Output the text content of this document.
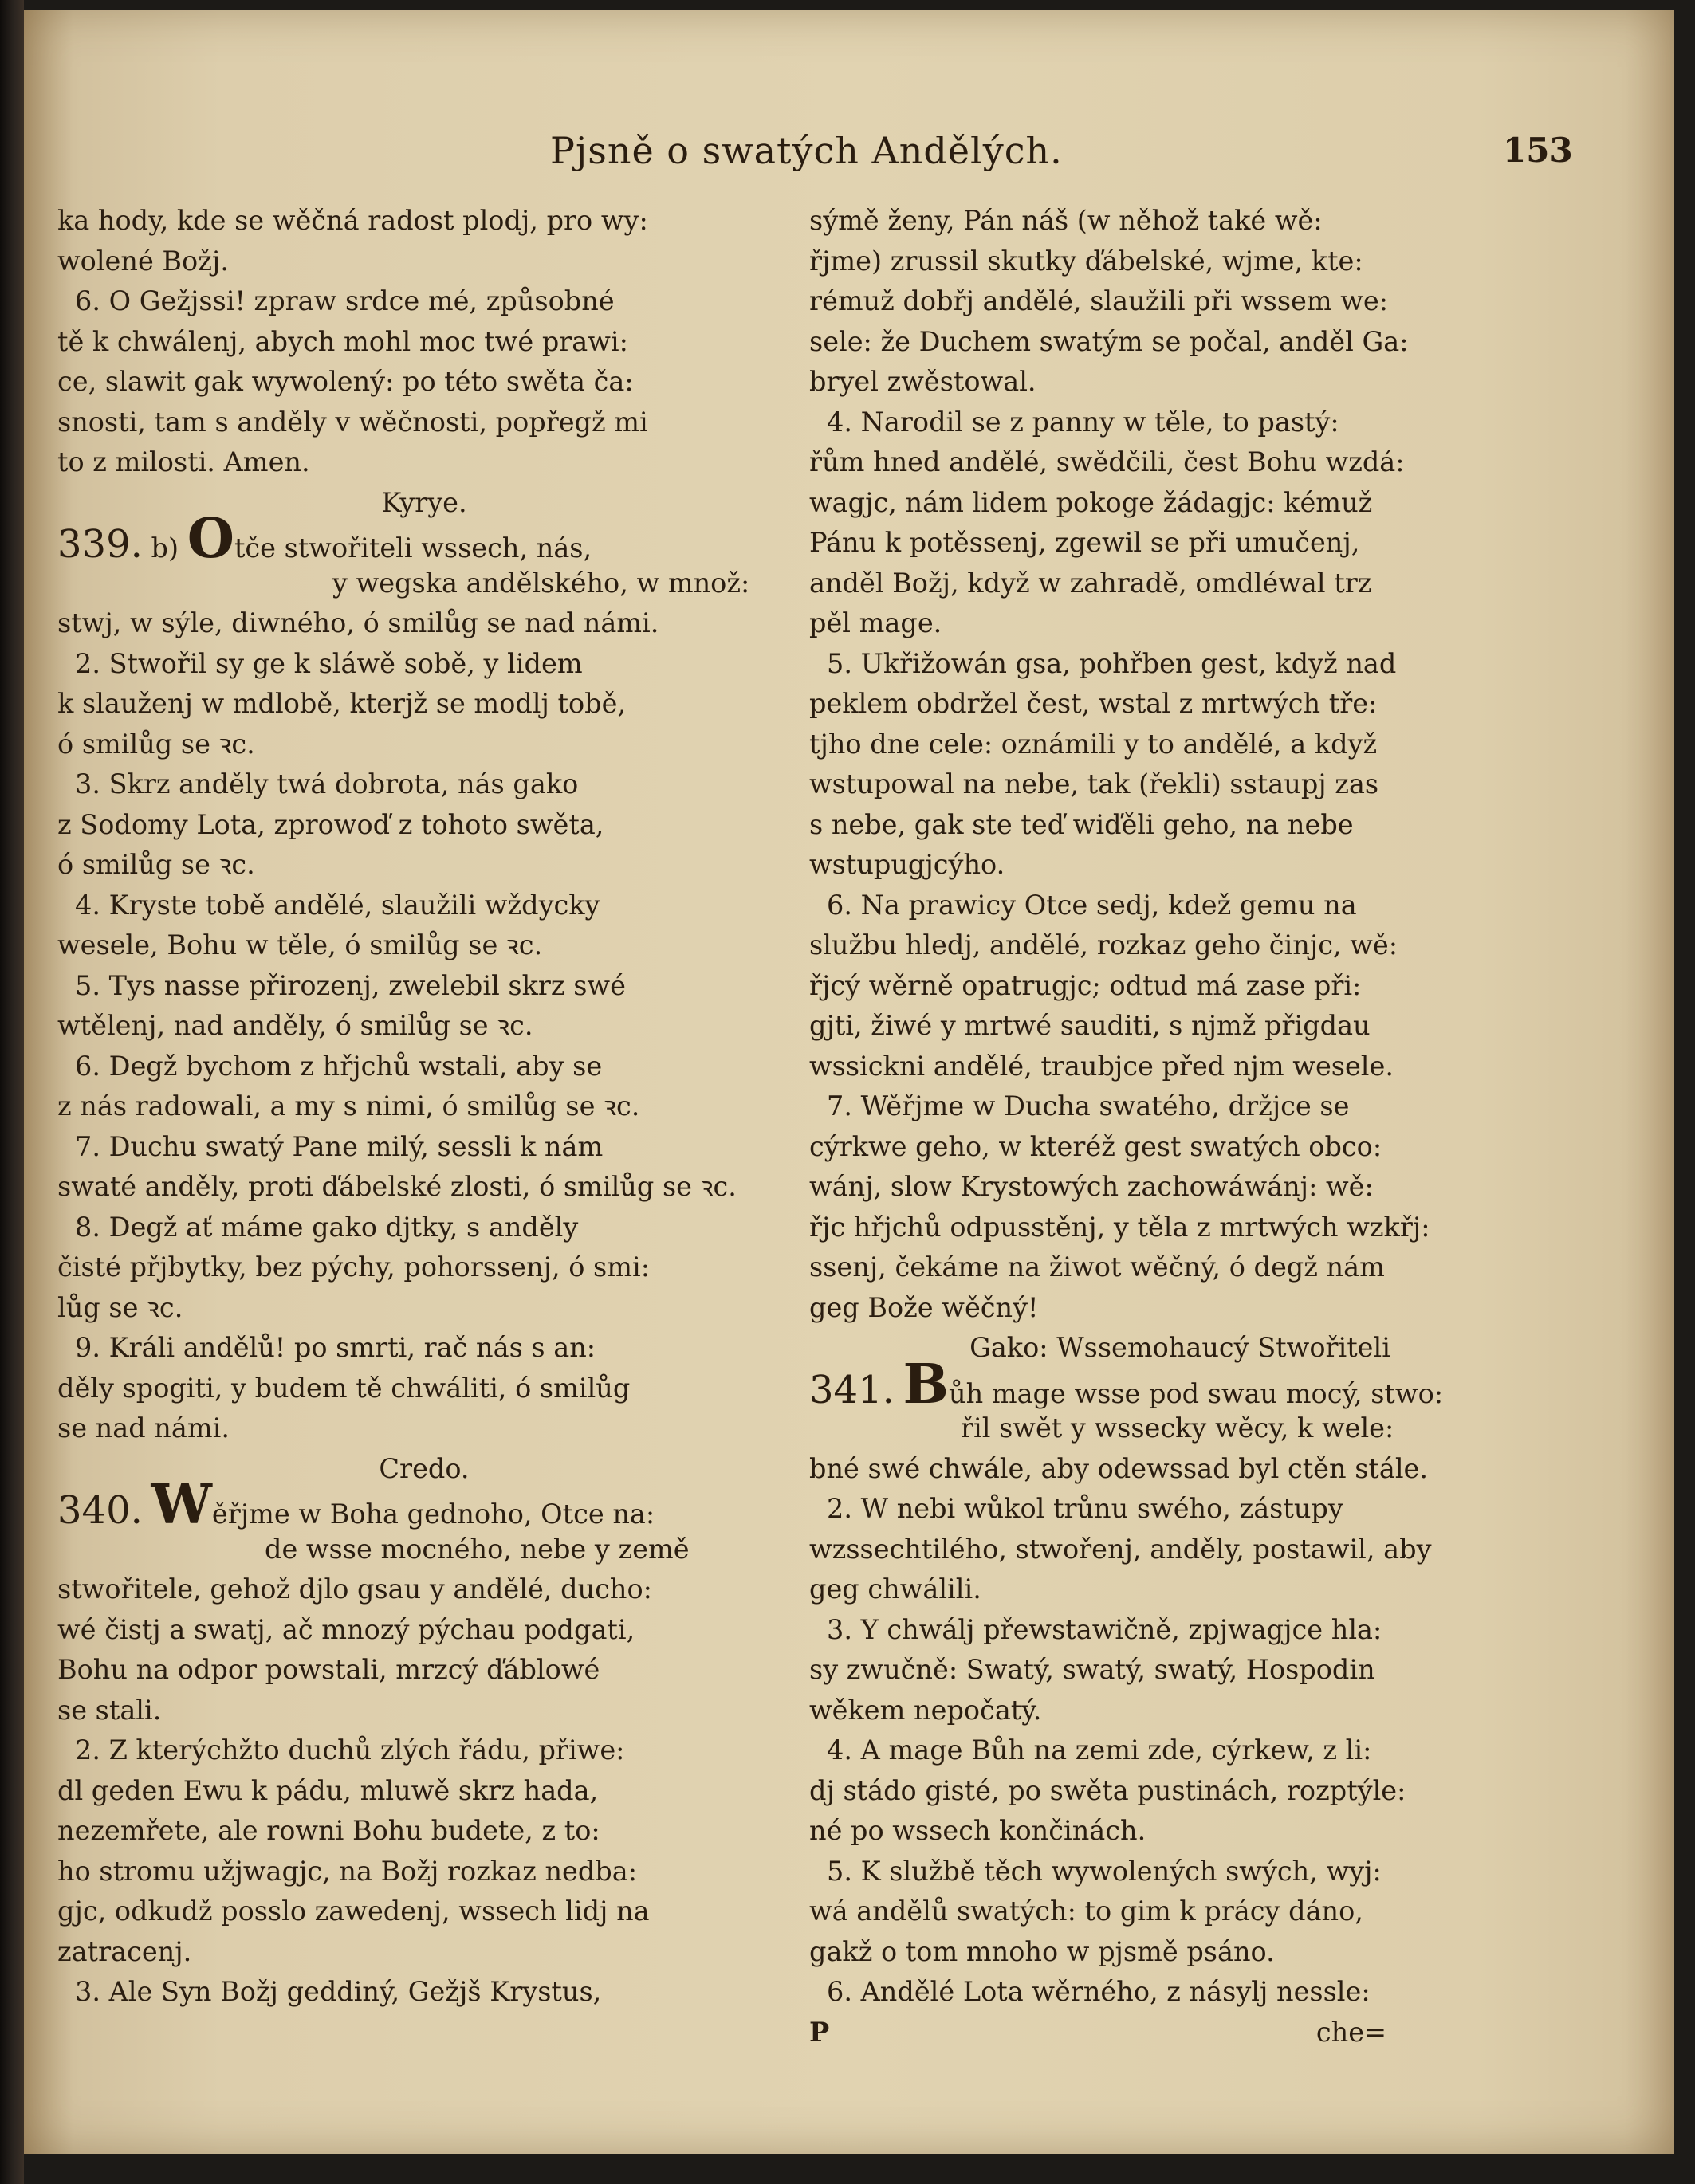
Pjsně o swatých Andělých.	153
ka hody, kde se wěčná radost plodj, pro wy:
wolené Božj.
6. O Gežjssi! zpraw srdce mé, způsobné
tě k chwálenj, abych mohl moc twé prawi:
ce, slawit gak wywolený: po této swěta ča:
snosti, tam s anděly v wěčnosti, popřegž mi
to z milosti. Amen.
Kyrye.
339. b) Otče stwořiteli wssech, nás,
y wegska andělského, w množ:
stwj, w sýle, diwného, ó smilůg se nad námi.
2. Stwořil sy ge k sláwě sobě, y lidem
k slauženj w mdlobě, kterjž se modlj tobě,
ó smilůg se ꝛc.
3. Skrz anděly twá dobrota, nás gako
z Sodomy Lota, zprowoď z tohoto swěta,
ó smilůg se ꝛc.
4. Kryste tobě andělé, slaužili wždycky
wesele, Bohu w těle, ó smilůg se ꝛc.
5. Tys nasse přirozenj, zwelebil skrz swé
wtělenj, nad anděly, ó smilůg se ꝛc.
6. Degž bychom z hřjchů wstali, aby se
z nás radowali, a my s nimi, ó smilůg se ꝛc.
7. Duchu swatý Pane milý, sessli k nám
swaté anděly, proti ďábelské zlosti, ó smilůg se ꝛc.
8. Degž ať máme gako djtky, s anděly
čisté přjbytky, bez pýchy, pohorssenj, ó smi:
lůg se ꝛc.
9. Králi andělů! po smrti, rač nás s an:
děly spogiti, y budem tě chwáliti, ó smilůg
se nad námi.
Credo.
340. Wěřjme w Boha gednoho, Otce na:
de wsse mocného, nebe y země
stwořitele, gehož djlo gsau y andělé, ducho:
wé čistj a swatj, ač mnozý pýchau podgati,
Bohu na odpor powstali, mrzcý ďáblowé
se stali.
2. Z kterýchžto duchů zlých řádu, přiwe:
dl geden Ewu k pádu, mluwě skrz hada,
nezemřete, ale rowni Bohu budete, z to:
ho stromu užjwagjc, na Božj rozkaz nedba:
gjc, odkudž posslo zawedenj, wssech lidj na
zatracenj.
3. Ale Syn Božj geddiný, Gežjš Krystus,
sýmě ženy, Pán náš (w něhož také wě:
řjme) zrussil skutky ďábelské, wjme, kte:
rémuž dobřj andělé, slaužili při wssem we:
sele: že Duchem swatým se počal, anděl Ga:
bryel zwěstowal.
4. Narodil se z panny w těle, to pastý:
řům hned andělé, swědčili, čest Bohu wzdá:
wagjc, nám lidem pokoge žádagjc: kémuž
Pánu k potěssenj, zgewil se při umučenj,
anděl Božj, když w zahradě, omdléwal trz
pěl mage.
5. Ukřižowán gsa, pohřben gest, když nad
peklem obdržel čest, wstal z mrtwých tře:
tjho dne cele: oznámili y to andělé, a když
wstupowal na nebe, tak (řekli) sstaupj zas
s nebe, gak ste teď wiďěli geho, na nebe
wstupugjcýho.
6. Na prawicy Otce sedj, kdež gemu na
službu hledj, andělé, rozkaz geho činjc, wě:
řjcý wěrně opatrugjc; odtud má zase při:
gjti, žiwé y mrtwé sauditi, s njmž přigdau
wssickni andělé, traubjce před njm wesele.
7. Wěřjme w Ducha swatého, držjce se
cýrkwe geho, w kteréž gest swatých obco:
wánj, slow Krystowých zachowáwánj: wě:
řjc hřjchů odpusstěnj, y těla z mrtwých wzkřj:
ssenj, čekáme na žiwot wěčný, ó degž nám
geg Bože wěčný!
Gako: Wssemohaucý Stwořiteli
341. Bůh mage wsse pod swau mocý, stwo:
řil swět y wssecky wěcy, k wele:
bné swé chwále, aby odewssad byl ctěn stále.
2. W nebi wůkol trůnu swého, zástupy
wzssechtilého, stwořenj, anděly, postawil, aby
geg chwálili.
3. Y chwálj přewstawičně, zpjwagjce hla:
sy zwučně: Swatý, swatý, swatý, Hospodin
wěkem nepočatý.
4. A mage Bůh na zemi zde, cýrkew, z li:
dj stádo gisté, po swěta pustinách, rozptýle:
né po wssech končinách.
5. K službě těch wywolených swých, wyj:
wá andělů swatých: to gim k prácy dáno,
gakž o tom mnoho w pjsmě psáno.
6. Andělé Lota wěrného, z násylj nessle:
P	che=
